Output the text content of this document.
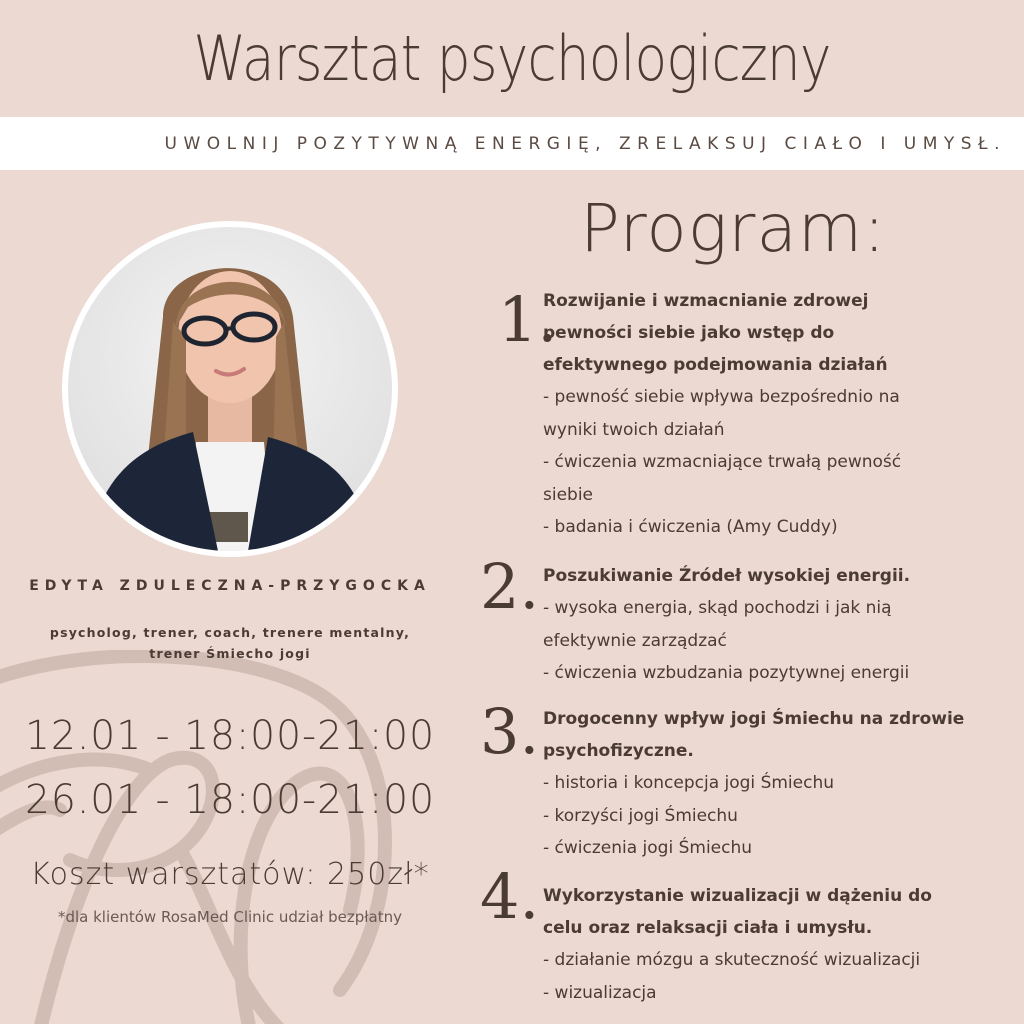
Warsztat psychologiczny
UWOLNIJ POZYTYWNĄ ENERGIĘ, ZRELAKSUJ CIAŁO I UMYSŁ.
EDYTA ZDULECZNA-PRZYGOCKA
psycholog, trener, coach, trenere mentalny,
trener Śmiecho jogi
12.01 - 18:00-21:00
26.01 - 18:00-21:00
Koszt warsztatów: 250zł*
*dla klientów RosaMed Clinic udział bezpłatny
Program:
1.
Rozwijanie i wzmacnianie zdrowej
pewności siebie jako wstęp do
efektywnego podejmowania działań
- pewność siebie wpływa bezpośrednio na
wyniki twoich działań
- ćwiczenia wzmacniające trwałą pewność
siebie
- badania i ćwiczenia (Amy Cuddy)
2. Poszukiwanie Źródeł wysokiej energii.
- wysoka energia, skąd pochodzi i jak nią
efektywnie zarządzać
- ćwiczenia wzbudzania pozytywnej energii
3. Drogocenny wpływ jogi Śmiechu na zdrowie
psychofizyczne.
- historia i koncepcja jogi Śmiechu
- korzyści jogi Śmiechu
- ćwiczenia jogi Śmiechu
4. Wykorzystanie wizualizacji w dążeniu do
celu oraz relaksacji ciała i umysłu.
- działanie mózgu a skuteczność wizualizacji
- wizualizacja
